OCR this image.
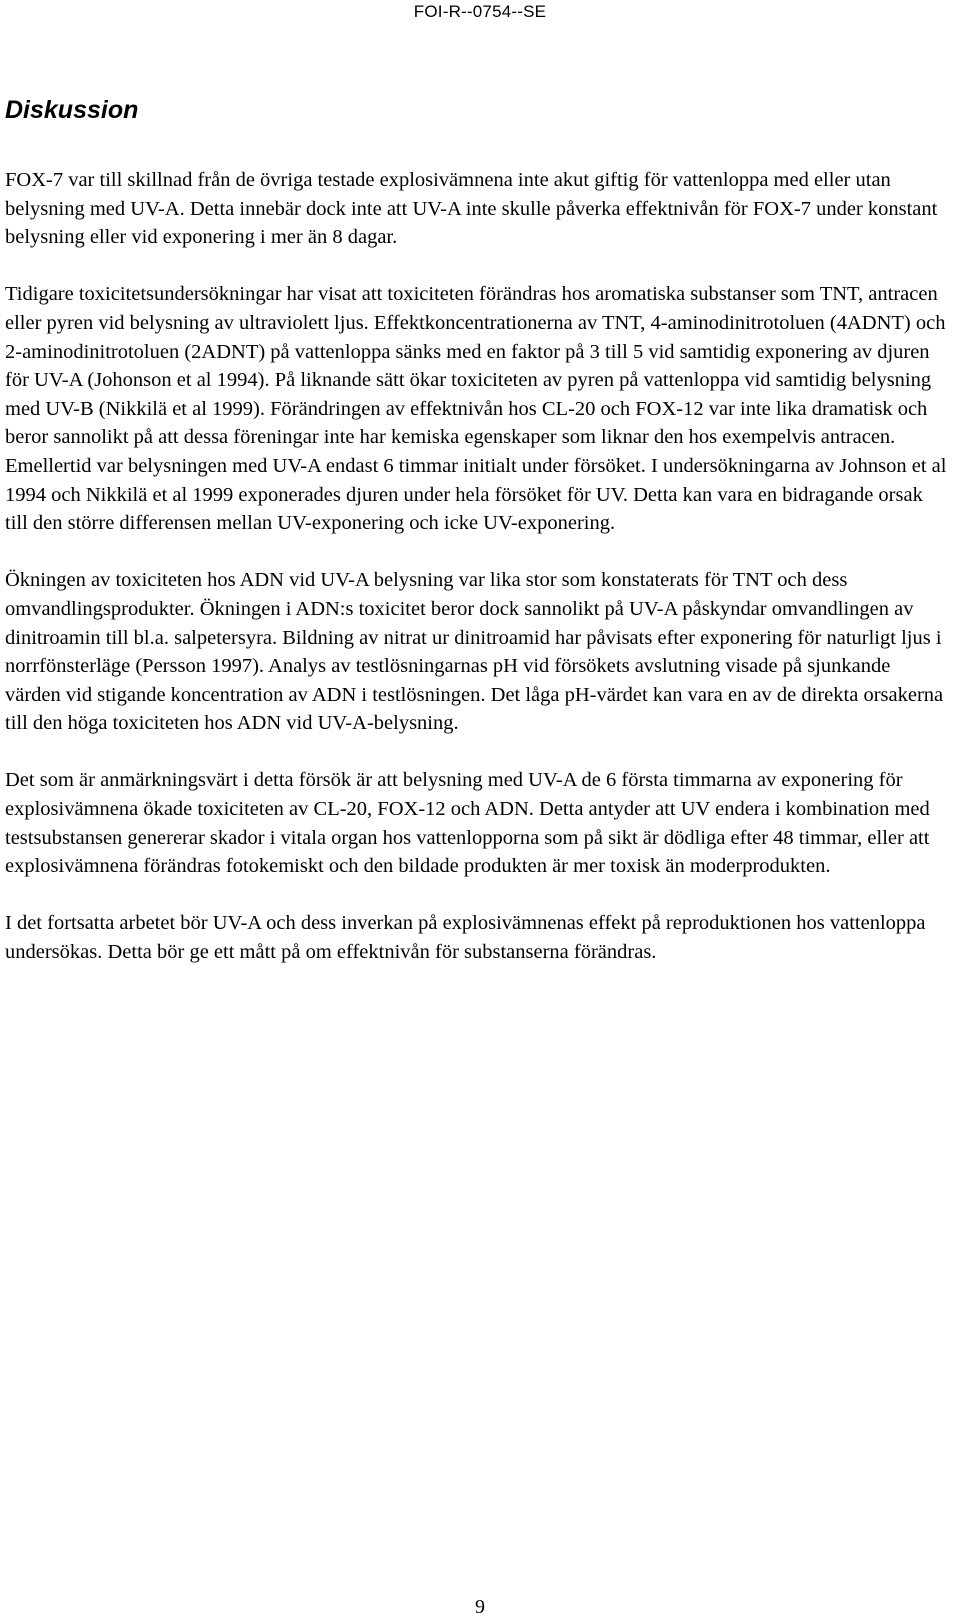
FOI-R--0754--SE
Diskussion

FOX-7 var till skillnad från de övriga testade explosivämnena inte akut giftig för vattenloppa med eller utan belysning med UV-A. Detta innebär dock inte att UV-A inte skulle påverka effektnivån för FOX-7 under konstant belysning eller vid exponering i mer än 8 dagar.

Tidigare toxicitetsundersökningar har visat att toxiciteten förändras hos aromatiska substanser som TNT, antracen eller pyren vid belysning av ultraviolett ljus. Effektkoncentrationerna av TNT, 4-aminodinitrotoluen (4ADNT) och 2-aminodinitrotoluen (2ADNT) på vattenloppa sänks med en faktor på 3 till 5 vid samtidig exponering av djuren för UV-A (Johonson et al 1994). På liknande sätt ökar toxiciteten av pyren på vattenloppa vid samtidig belysning med UV-B (Nikkilä et al 1999). Förändringen av effektnivån hos CL-20 och FOX-12 var inte lika dramatisk och beror sannolikt på att dessa föreningar inte har kemiska egenskaper som liknar den hos exempelvis antracen. Emellertid var belysningen med UV-A endast 6 timmar initialt under försöket. I undersökningarna av Johnson et al 1994 och Nikkilä et al 1999 exponerades djuren under hela försöket för UV. Detta kan vara en bidragande orsak till den större differensen mellan UV-exponering och icke UV-exponering.

Ökningen av toxiciteten hos ADN vid UV-A belysning var lika stor som konstaterats för TNT och dess omvandlingsprodukter. Ökningen i ADN:s toxicitet beror dock sannolikt på UV-A påskyndar omvandlingen av dinitroamin till bl.a. salpetersyra. Bildning av nitrat ur dinitroamid har påvisats efter exponering för naturligt ljus i norrfönsterläge (Persson 1997). Analys av testlösningarnas pH vid försökets avslutning visade på sjunkande värden vid stigande koncentration av ADN i testlösningen. Det låga pH-värdet kan vara en av de direkta orsakerna till den höga toxiciteten hos ADN vid UV-A-belysning.

Det som är anmärkningsvärt i detta försök är att belysning med UV-A de 6 första timmarna av exponering för explosivämnena ökade toxiciteten av CL-20, FOX-12 och ADN. Detta antyder att UV endera i kombination med testsubstansen genererar skador i vitala organ hos vattenlopporna som på sikt är dödliga efter 48 timmar, eller att explosivämnena förändras fotokemiskt och den bildade produkten är mer toxisk än moderprodukten.

I det fortsatta arbetet bör UV-A och dess inverkan på explosivämnenas effekt på reproduktionen hos vattenloppa undersökas. Detta bör ge ett mått på om effektnivån för substanserna förändras.

9
